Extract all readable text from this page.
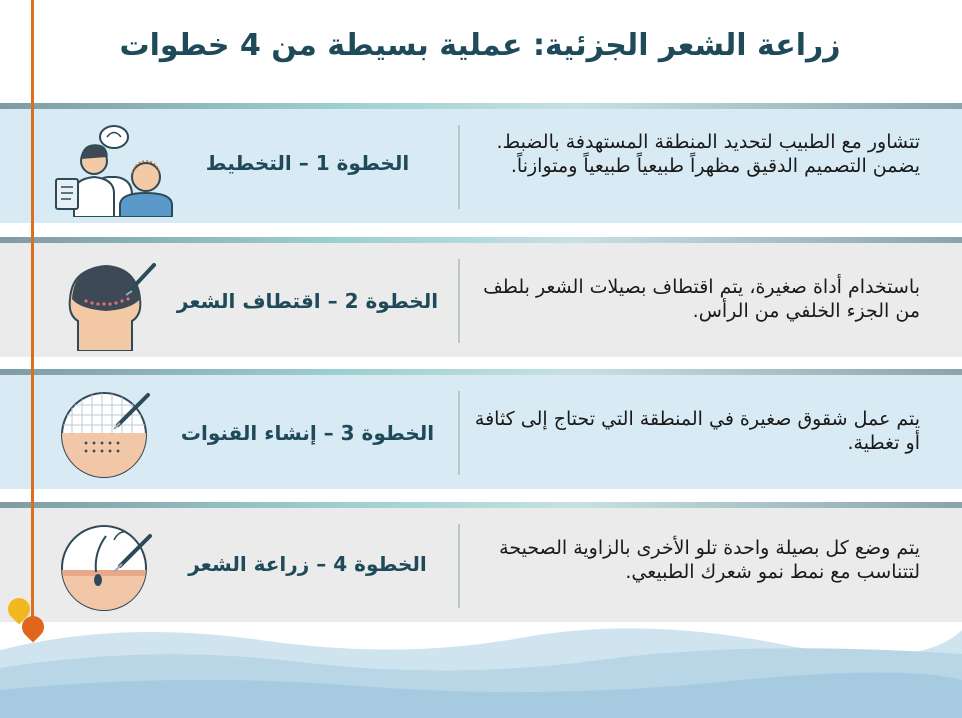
زراعة الشعر الجزئية: عملية بسيطة من 4 خطوات
الخطوة 1 – التخطيط
تتشاور مع الطبيب لتحديد المنطقة المستهدفة بالضبط. يضمن التصميم الدقيق مظهراً طبيعياً طبيعياً ومتوازناً.
الخطوة 2 – اقتطاف الشعر
باستخدام أداة صغيرة، يتم اقتطاف بصيلات الشعر بلطف من الجزء الخلفي من الرأس.
الخطوة 3 – إنشاء القنوات
يتم عمل شقوق صغيرة في المنطقة التي تحتاج إلى كثافة أو تغطية.
الخطوة 4 – زراعة الشعر
يتم وضع كل بصيلة واحدة تلو الأخرى بالزاوية الصحيحة لتتناسب مع نمط نمو شعرك الطبيعي.
